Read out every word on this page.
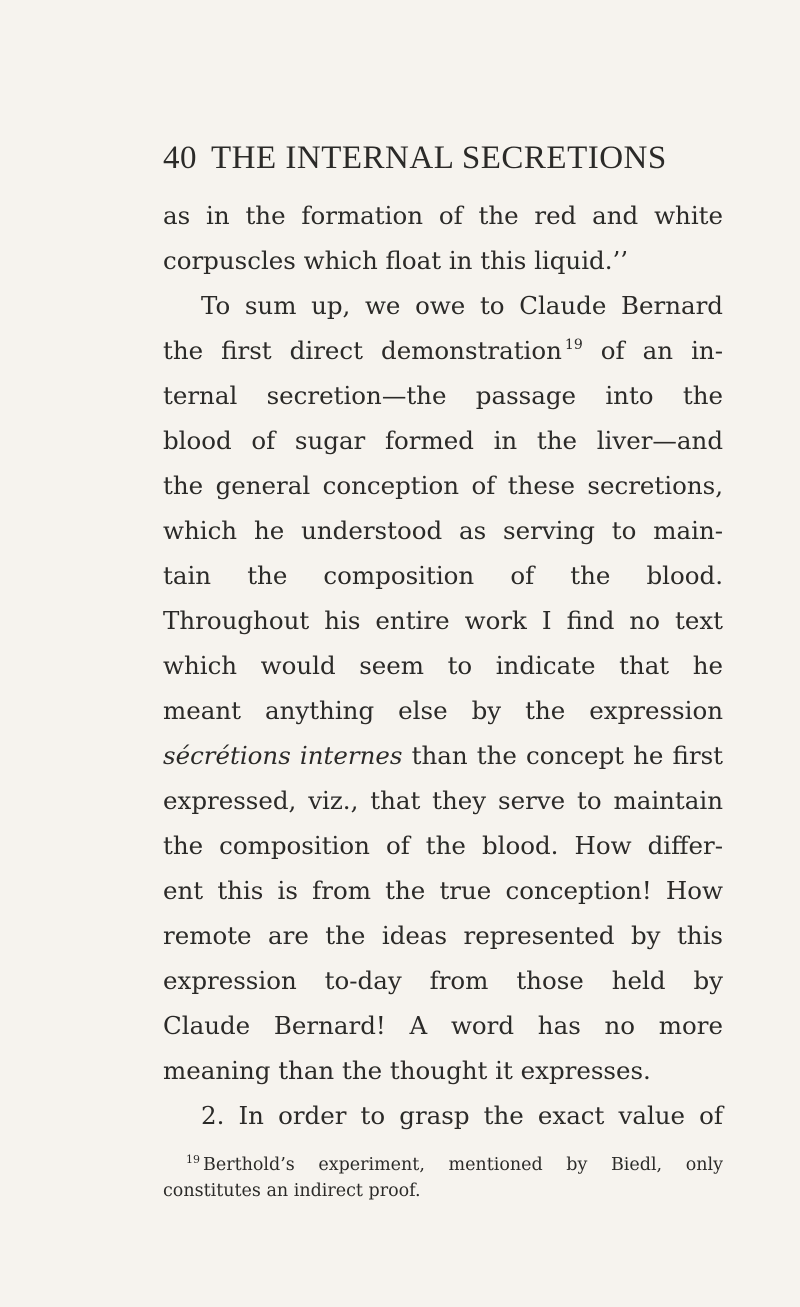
40 THE INTERNAL SECRETIONS
as in the formation of the red and white
corpuscles which float in this liquid.’’
To sum up, we owe to Claude Bernard
the first direct demonstration $^{19}$ of an in-
ternal secretion—the passage into the
blood of sugar formed in the liver—and
the general conception of these secretions,
which he understood as serving to main-
tain the composition of the blood.
Throughout his entire work I find no text
which would seem to indicate that he
meant anything else by the expression
sécrétions internes than the concept he first
expressed, viz., that they serve to maintain
the composition of the blood. How differ-
ent this is from the true conception! How
remote are the ideas represented by this
expression to-day from those held by
Claude Bernard! A word has no more
meaning than the thought it expresses.
2. In order to grasp the exact value of
$^{19}$ Berthold’s experiment, mentioned by Biedl, only
constitutes an indirect proof.
